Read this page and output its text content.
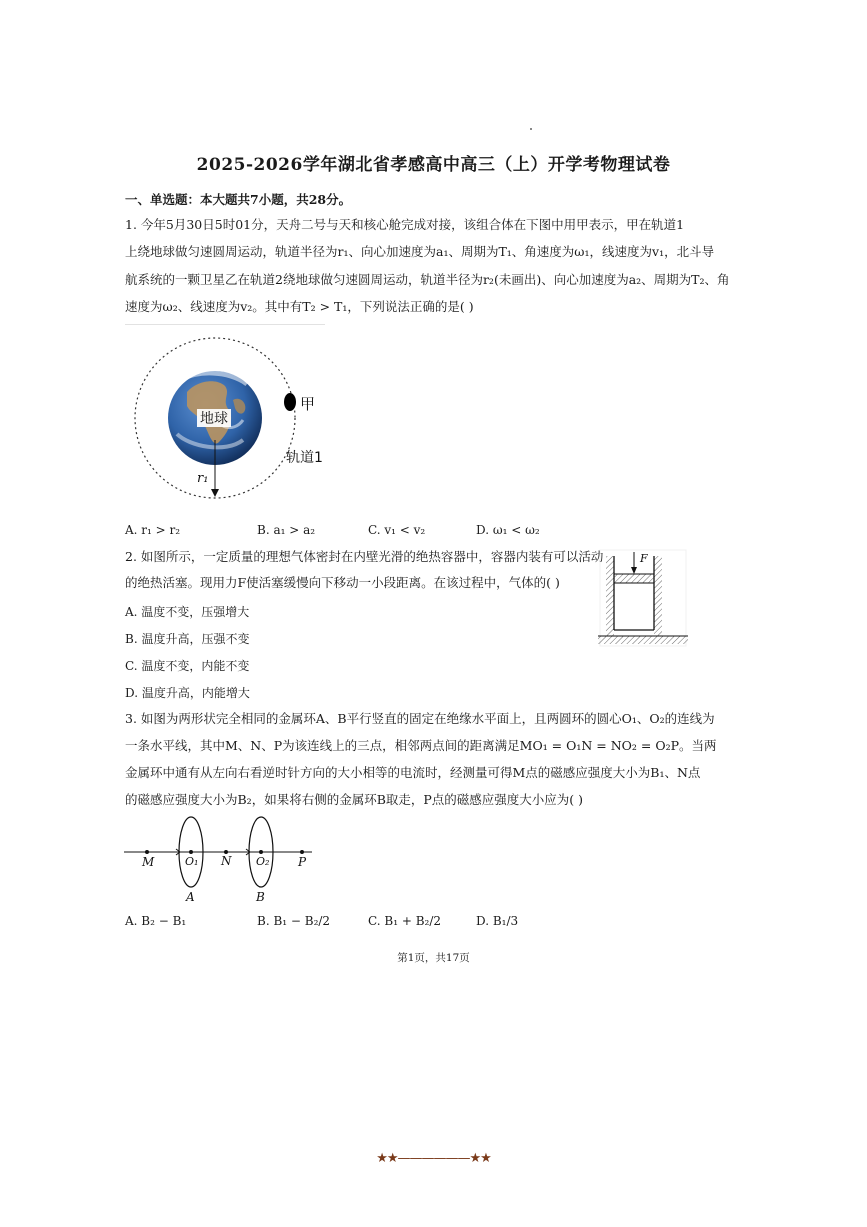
2025-2026学年湖北省孝感高中高三（上）开学考物理试卷
一、单选题：本大题共7小题，共28分。
1. 今年5月30日5时01分，天舟二号与天和核心舱完成对接，该组合体在下图中用甲表示，甲在轨道1
上绕地球做匀速圆周运动，轨道半径为r₁、向心加速度为a₁、周期为T₁、角速度为ω₁，线速度为v₁，北斗导
航系统的一颗卫星乙在轨道2绕地球做匀速圆周运动，轨道半径为r₂(未画出)、向心加速度为a₂、周期为T₂、角
速度为ω₂、线速度为v₂。其中有T₂ > T₁，下列说法正确的是( )
地球
r₁
甲
轨道1
A. r₁ > r₂	B. a₁ > a₂	C. v₁ < v₂	D. ω₁ < ω₂
2. 如图所示，一定质量的理想气体密封在内壁光滑的绝热容器中，容器内装有可以活动
的绝热活塞。现用力F使活塞缓慢向下移动一小段距离。在该过程中，气体的( )
F
A. 温度不变，压强增大
B. 温度升高，压强不变
C. 温度不变，内能不变
D. 温度升高，内能增大
3. 如图为两形状完全相同的金属环A、B平行竖直的固定在绝缘水平面上，且两圆环的圆心O₁、O₂的连线为
一条水平线，其中M、N、P为该连线上的三点，相邻两点间的距离满足MO₁ = O₁N = NO₂ = O₂P。当两
金属环中通有从左向右看逆时针方向的大小相等的电流时，经测量可得M点的磁感应强度大小为B₁、N点
的磁感应强度大小为B₂，如果将右侧的金属环B取走，P点的磁感应强度大小应为( )
M	O₁ N O₂ P
A	B
A. B₂ − B₁	B. B₁ − B₂/2	C. B₁ + B₂/2	D. B₁/3
第1页，共17页
★★——————★★
